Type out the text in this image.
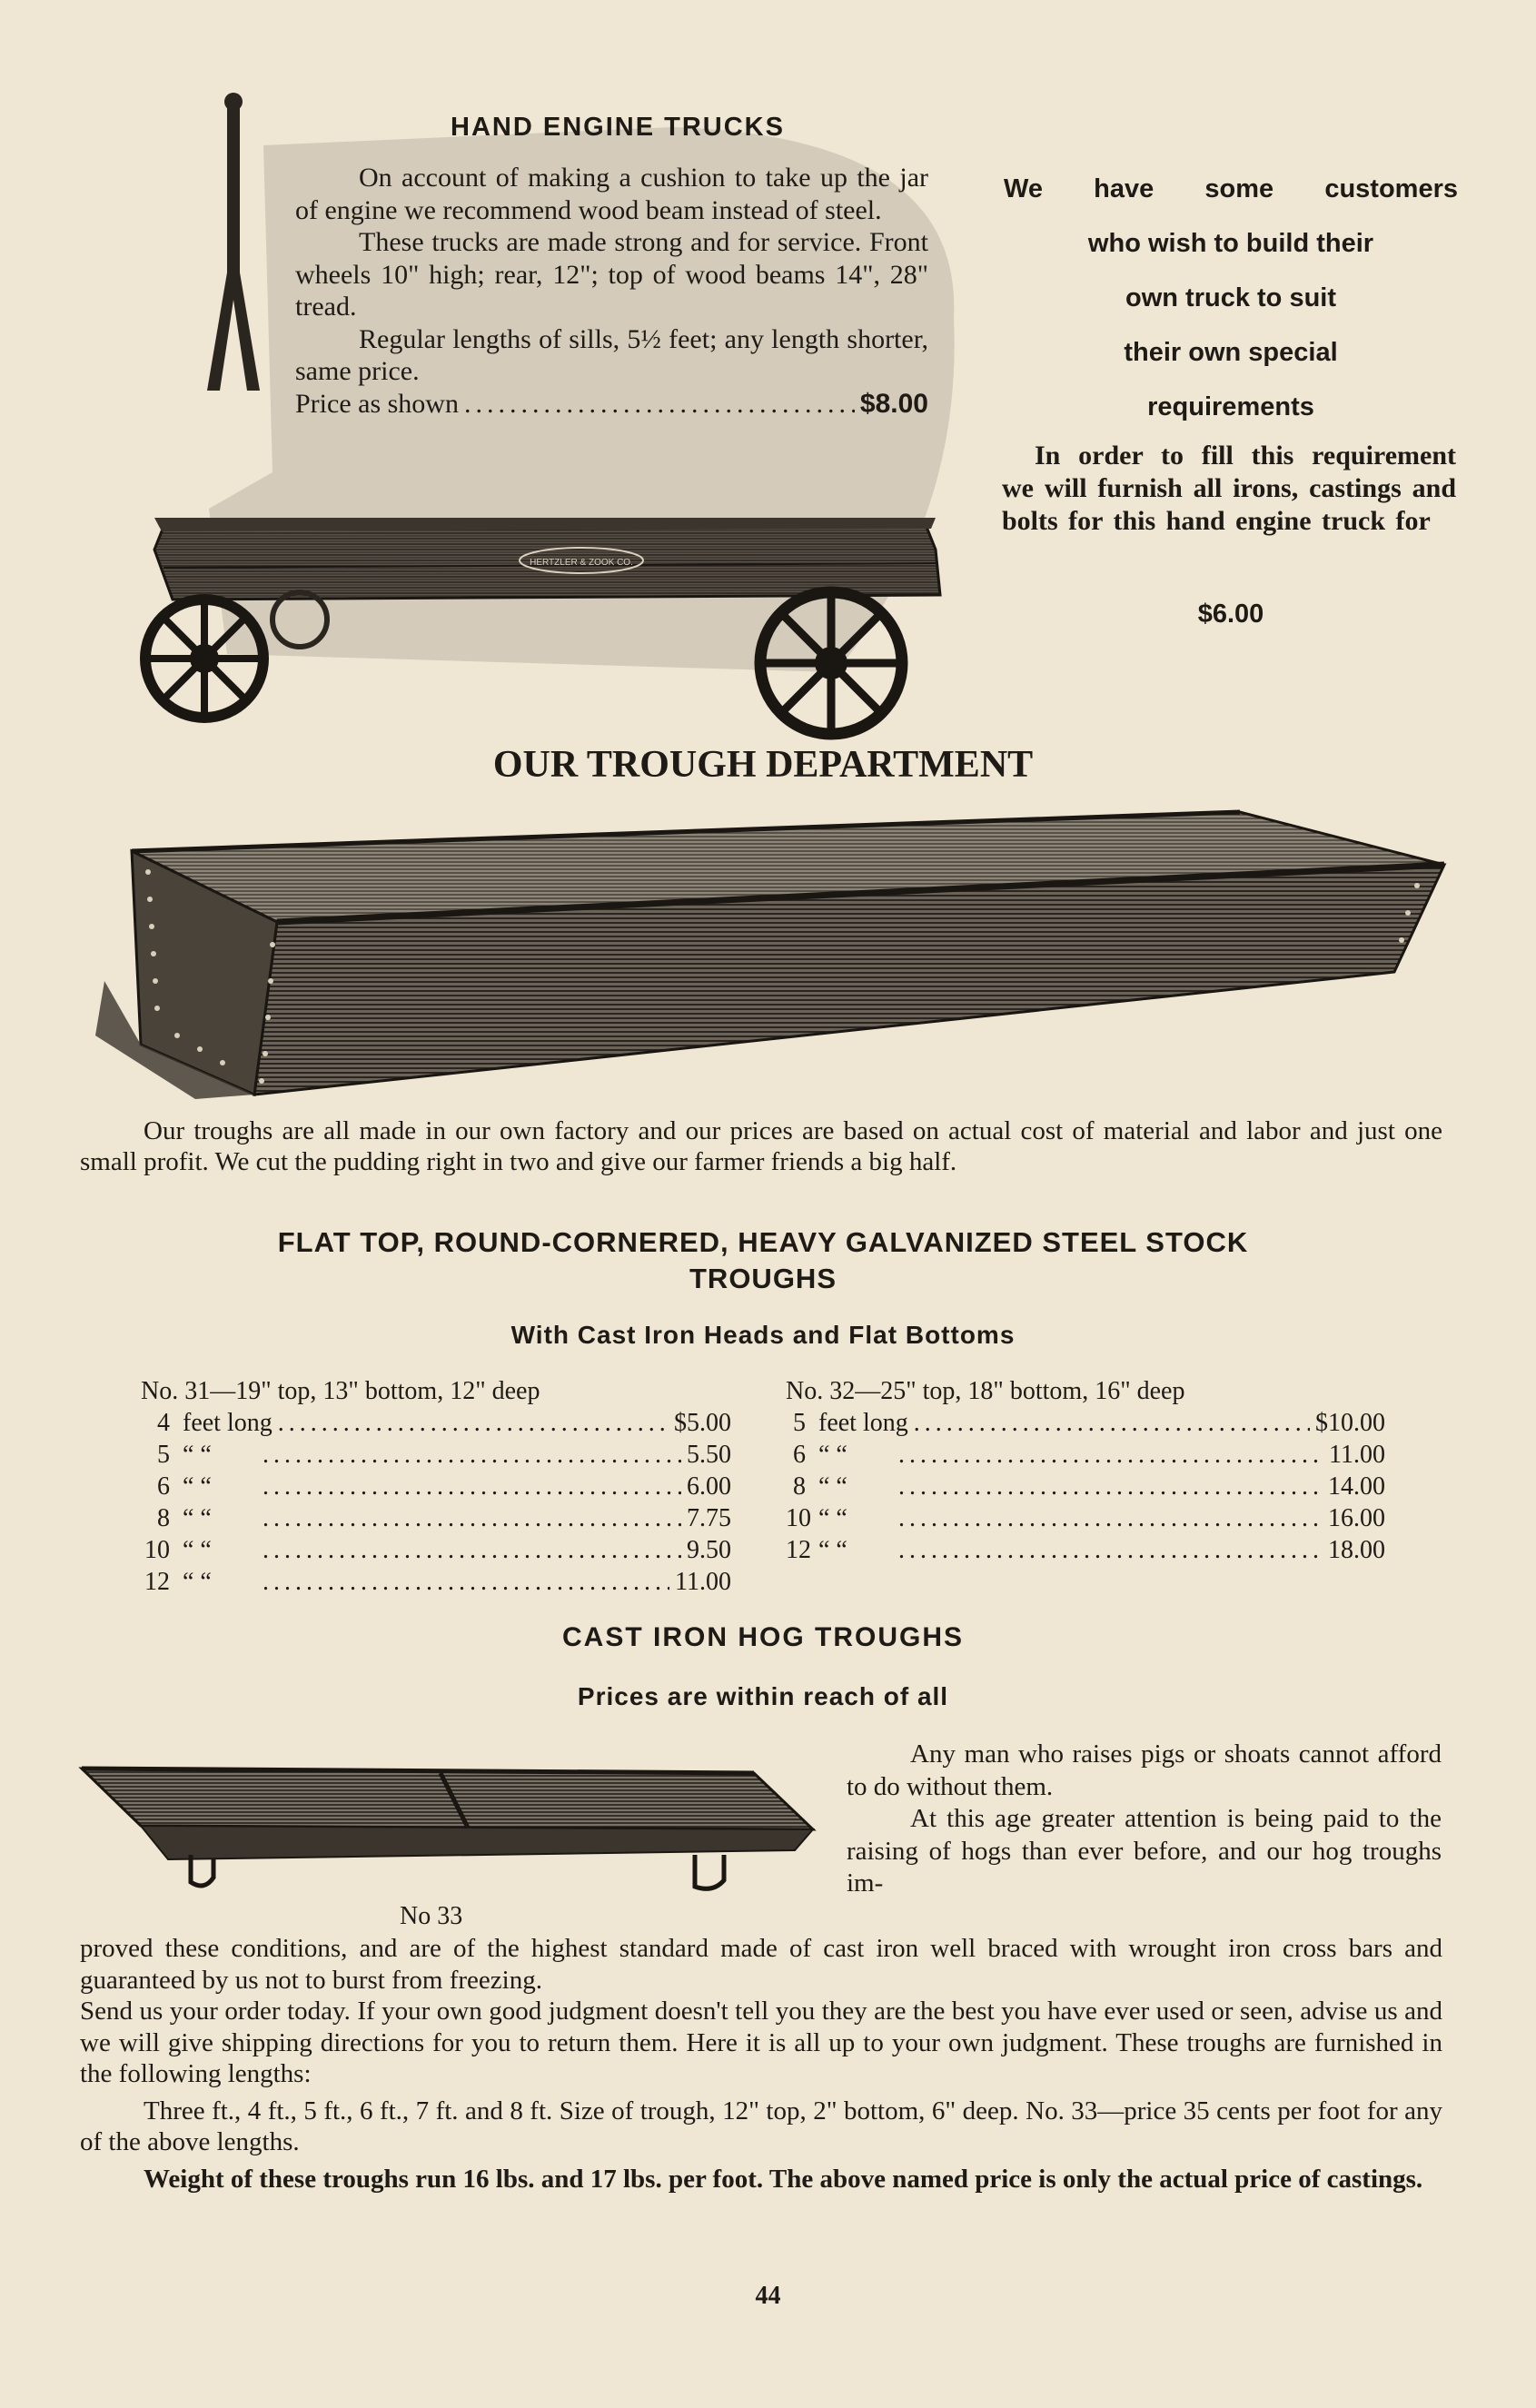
HERTZLER & ZOOK CO.
HAND ENGINE TRUCKS

On account of making a cushion to take up the jar of engine we recommend wood beam instead of steel.

These trucks are made strong and for service. Front wheels 10" high; rear, 12"; top of wood beams 14", 28" tread.

Regular lengths of sills, 5½ feet; any length shorter, same price.

Price as shown .....	$8.00
We have some customers
who wish to build their
own truck to suit
their own special
requirements

In order to fill this requirement we will furnish all irons, castings and bolts for this hand engine truck for

$6.00
OUR TROUGH DEPARTMENT

Our troughs are all made in our own factory and our prices are based on actual cost of material and labor and just one small profit. We cut the pudding right in two and give our farmer friends a big half.

FLAT TOP, ROUND-CORNERED, HEAVY GALVANIZED STEEL STOCK
TROUGHS
With Cast Iron Heads and Flat Bottoms
No. 31—19" top, 13" bottom, 12" deep
4 feet long .....	$5.00
5 “ “ .....	5.50
6 “ “ .....	6.00
8 “ “ .....	7.75
10 “ “ .....	9.50
12 “ “ .....	11.00
No. 32—25" top, 18" bottom, 16" deep
5 feet long .....	$10.00
6 “ “ .....	11.00
8 “ “ .....	14.00
10 “ “ .....	16.00
12 “ “ .....	18.00
CAST IRON HOG TROUGHS
Prices are within reach of all
No 33

Any man who raises pigs or shoats cannot afford to do without them.

At this age greater attention is being paid to the raising of hogs than ever before, and our hog troughs im-

proved these conditions, and are of the highest standard made of cast iron well braced with wrought iron cross bars and guaranteed by us not to burst from freezing.

Send us your order today. If your own good judgment doesn't tell you they are the best you have ever used or seen, advise us and we will give shipping directions for you to return them. Here it is all up to your own judgment. These troughs are furnished in the following lengths:

Three ft., 4 ft., 5 ft., 6 ft., 7 ft. and 8 ft. Size of trough, 12" top, 2" bottom, 6" deep. No. 33—price 35 cents per foot for any of the above lengths.

Weight of these troughs run 16 lbs. and 17 lbs. per foot. The above named price is only the actual price of castings.

44
